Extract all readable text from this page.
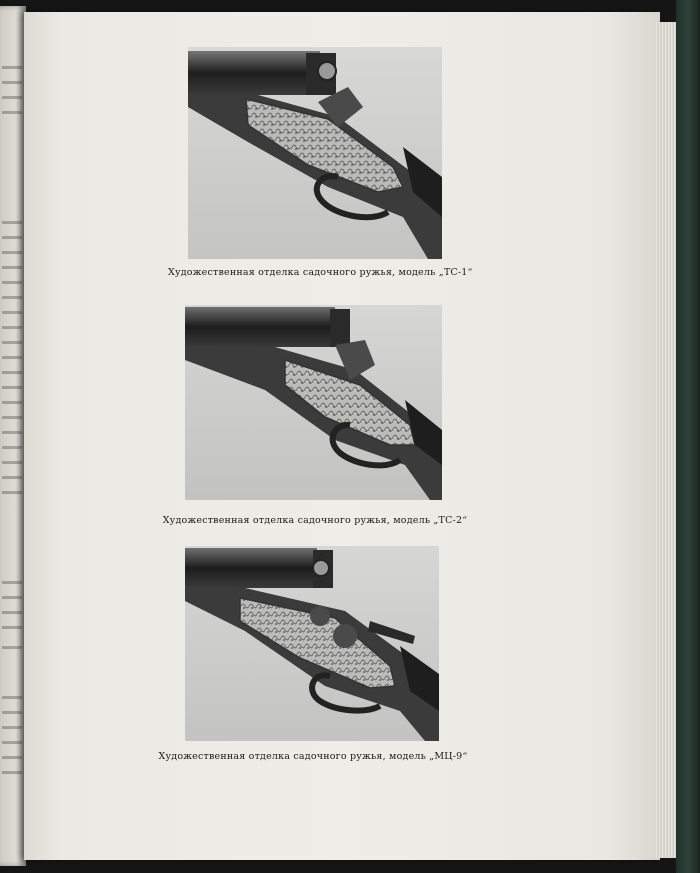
Художественная отделка садочного ружья, модель „ТС-1“
Художественная отделка садочного ружья, модель „ТС-2“
Художественная отделка садочного ружья, модель „МЦ-9“
